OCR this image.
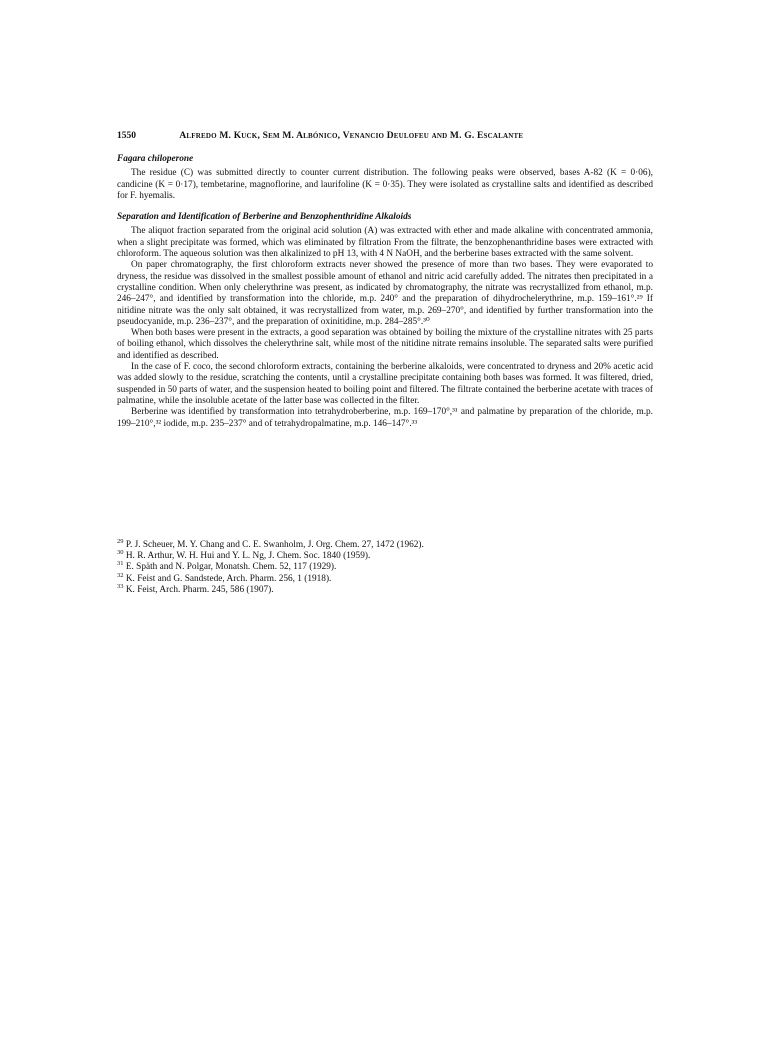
1550	Alfredo M. Kuck, Sem M. Albónico, Venancio Deulofeu and M. G. Escalante
Fagara chiloperone

The residue (C) was submitted directly to counter current distribution. The following peaks were observed, bases A-82 (K = 0·06), candicine (K = 0·17), tembetarine, magnoflorine, and laurifoline (K = 0·35). They were isolated as crystalline salts and identified as described for F. hyemalis.

Separation and Identification of Berberine and Benzophenthridine Alkaloids

The aliquot fraction separated from the original acid solution (A) was extracted with ether and made alkaline with concentrated ammonia, when a slight precipitate was formed, which was eliminated by filtration From the filtrate, the benzophenanthridine bases were extracted with chloroform. The aqueous solution was then alkalinized to pH 13, with 4 N NaOH, and the berberine bases extracted with the same solvent.

On paper chromatography, the first chloroform extracts never showed the presence of more than two bases. They were evaporated to dryness, the residue was dissolved in the smallest possible amount of ethanol and nitric acid carefully added. The nitrates then precipitated in a crystalline condition. When only chelerythrine was present, as indicated by chromatography, the nitrate was recrystallized from ethanol, m.p. 246–247°, and identified by transformation into the chloride, m.p. 240° and the preparation of dihydrochelerythrine, m.p. 159–161°.²⁹ If nitidine nitrate was the only salt obtained, it was recrystallized from water, m.p. 269–270°, and identified by further transformation into the pseudocyanide, m.p. 236–237°, and the preparation of oxinitidine, m.p. 284–285°.³⁰

When both bases were present in the extracts, a good separation was obtained by boiling the mixture of the crystalline nitrates with 25 parts of boiling ethanol, which dissolves the chelerythrine salt, while most of the nitidine nitrate remains insoluble. The separated salts were purified and identified as described.

In the case of F. coco, the second chloroform extracts, containing the berberine alkaloids, were concentrated to dryness and 20% acetic acid was added slowly to the residue, scratching the contents, until a crystalline precipitate containing both bases was formed. It was filtered, dried, suspended in 50 parts of water, and the suspension heated to boiling point and filtered. The filtrate contained the berberine acetate with traces of palmatine, while the insoluble acetate of the latter base was collected in the filter.

Berberine was identified by transformation into tetrahydroberberine, m.p. 169–170°,³¹ and palmatine by preparation of the chloride, m.p. 199–210°,³² iodide, m.p. 235–237° and of tetrahydropalmatine, m.p. 146–147°.³³

$^{29}$ P. J. Scheuer, M. Y. Chang and C. E. Swanholm, J. Org. Chem. 27, 1472 (1962).

$^{30}$ H. R. Arthur, W. H. Hui and Y. L. Ng, J. Chem. Soc. 1840 (1959).

$^{31}$ E. Späth and N. Polgar, Monatsh. Chem. 52, 117 (1929).

$^{32}$ K. Feist and G. Sandstede, Arch. Pharm. 256, 1 (1918).

$^{33}$ K. Feist, Arch. Pharm. 245, 586 (1907).
